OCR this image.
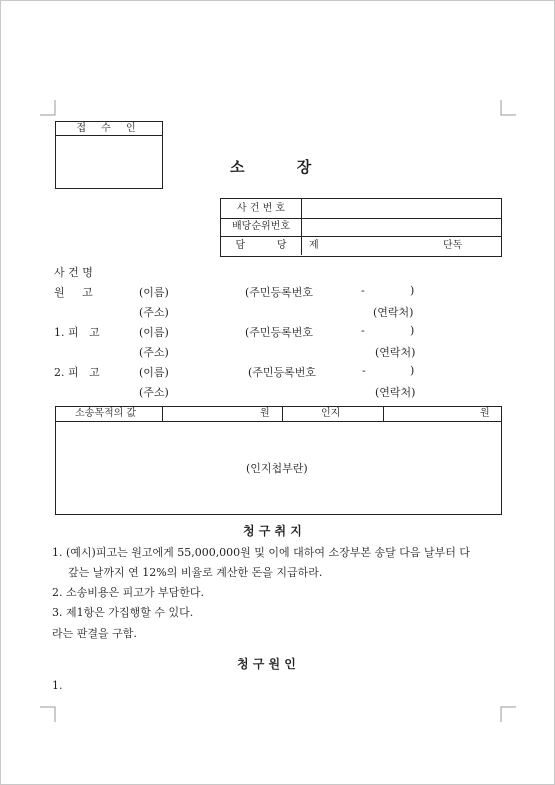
접 수 인
소          장
사 건 번 호
배당순위번호
담          당	제	단독
사 건 명
원     고	(이름)	(주민등록번호	-	)
(주소)	(연락처)
1. 피   고	(이름)	(주민등록번호	-	)
(주소)	(연락처)
2. 피   고	(이름)	(주민등록번호	-	)
(주소)	(연락처)
소송목적의 값	원	인지	원
(인지첩부란)
청 구 취 지
1. (예시)피고는 원고에게 55,000,000원 및 이에 대하여 소장부본 송달 다음 날부터 다
갚는 날까지 연 12%의 비율로 계산한 돈을 지급하라.
2. 소송비용은 피고가 부담한다.
3. 제1항은 가집행할 수 있다.
라는 판결을 구함.
청 구 원 인
1.
